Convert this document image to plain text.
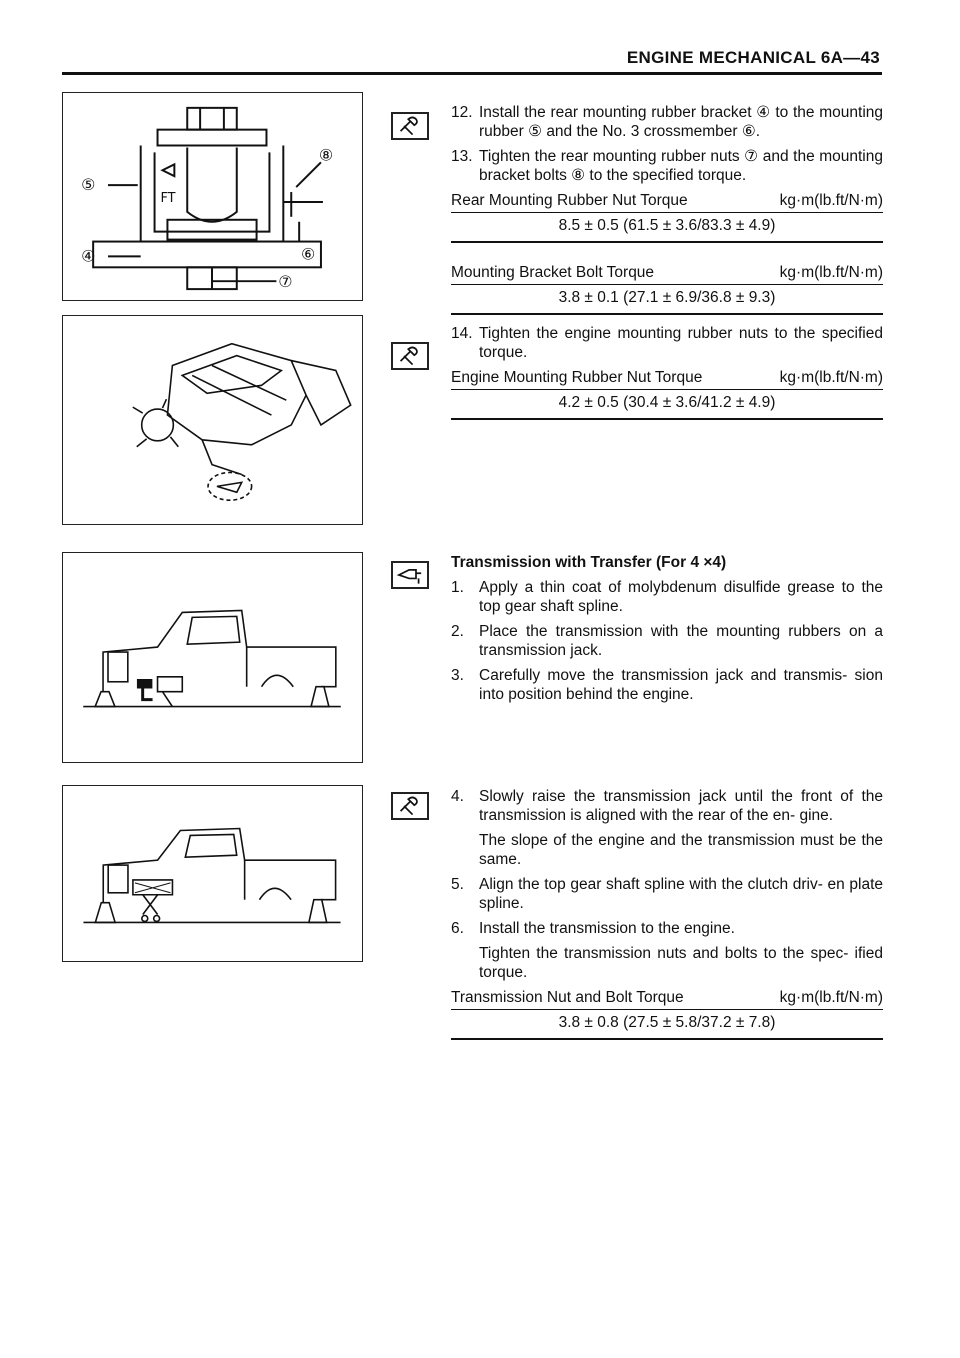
ENGINE MECHANICAL 6A—43
⑧
⑤
④	⑥
⑦
FT
12. Install the rear mounting rubber bracket ④ to the mounting rubber ⑤ and the No. 3 crossmember ⑥.
13. Tighten the rear mounting rubber nuts ⑦ and the mounting bracket bolts ⑧ to the specified torque.
Rear Mounting Rubber Nut Torque	kg·m(lb.ft/N·m)
8.5 ± 0.5 (61.5 ± 3.6/83.3 ± 4.9)
Mounting Bracket Bolt Torque	kg·m(lb.ft/N·m)
3.8 ± 0.1 (27.1 ± 6.9/36.8 ± 9.3)
14. Tighten the engine mounting rubber nuts to the specified torque.
Engine Mounting Rubber Nut Torque	kg·m(lb.ft/N·m)
4.2 ± 0.5 (30.4 ± 3.6/41.2 ± 4.9)
Transmission with Transfer (For 4 ×4)
1. Apply a thin coat of molybdenum disulfide grease to the top gear shaft spline.
2. Place the transmission with the mounting rubbers on a transmission jack.
3. Carefully move the transmission jack and transmis- sion into position behind the engine.
4. Slowly raise the transmission jack until the front of the transmission is aligned with the rear of the en- gine.
The slope of the engine and the transmission must be the same.
5. Align the top gear shaft spline with the clutch driv- en plate spline.
6. Install the transmission to the engine.
Tighten the transmission nuts and bolts to the spec- ified torque.
Transmission Nut and Bolt Torque	kg·m(lb.ft/N·m)
3.8 ± 0.8 (27.5 ± 5.8/37.2 ± 7.8)
